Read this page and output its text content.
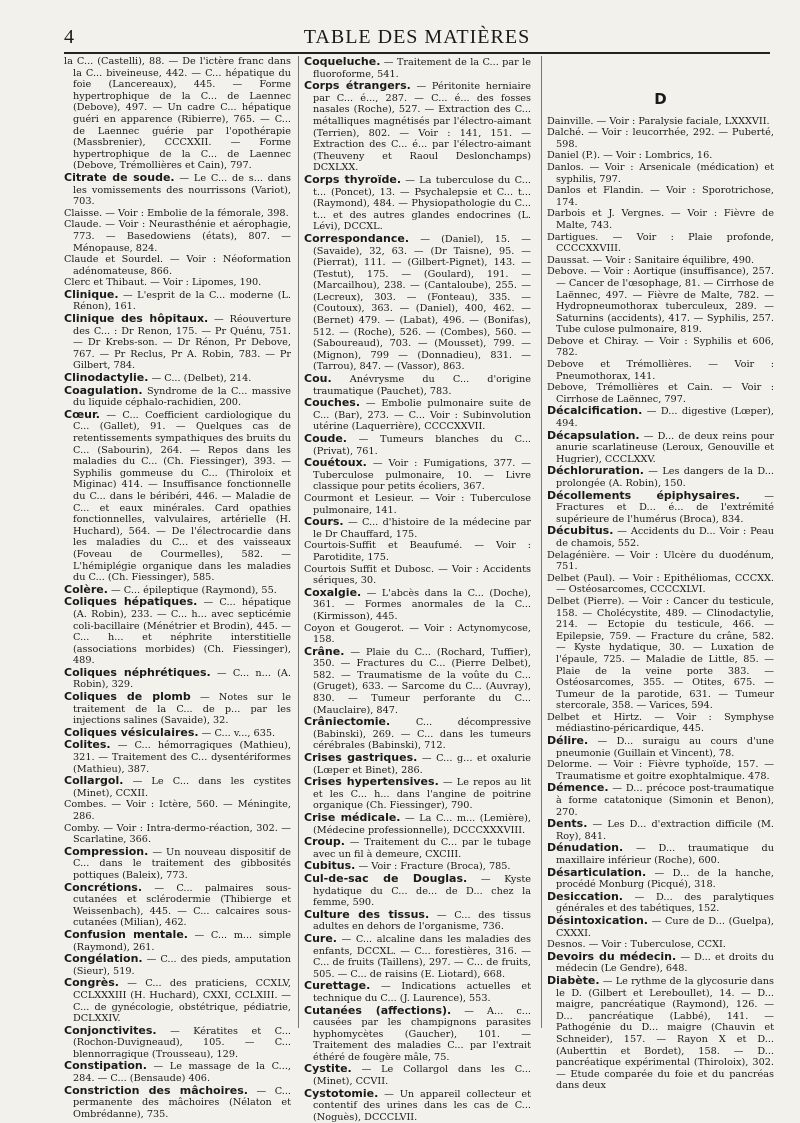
4	TABLE DES MATIÈRES
la C... (Castelli), 88. — De l'ictère franc dans la C... biveineuse, 442. — C... hépatique du foie (Lancereaux), 445. — Forme hypertrophique de la C... de Laennec (Debove), 497. — Un cadre C... hépatique guéri en apparence (Ribierre), 765. — C... de Laennec guérie par l'opothérapie (Massbrenier), CCCXXII. — Forme hypertrophique de la C... de Laennec (Debove, Trémollières et Cain), 797.
Citrate de soude. — Le C... de s... dans les vomissements des nourrissons (Variot), 703.
Claisse. — Voir : Embolie de la fémorale, 398.
Claude. — Voir : Neurasthénie et aérophagie, 773. — Basedowiens (états), 807. — Ménopause, 824.
Claude et Sourdel. — Voir : Néoformation adénomateuse, 866.
Clerc et Thibaut. — Voir : Lipomes, 190.
Clinique. — L'esprit de la C... moderne (L. Rénon), 161.
Clinique des hôpitaux. — Réouverture des C... : Dr Renon, 175. — Pr Quénu, 751. — Dr Krebs-son. — Dr Rénon, Pr Debove, 767. — Pr Reclus, Pr A. Robin, 783. — Pr Gilbert, 784.
Clinodactylie. — C... (Delbet), 214.
Coagulation. Syndrome de la C... massive du liquide céphalo-rachidien, 200.
Cœur. — C... Coefficient cardiologique du C... (Gallet), 91. — Quelques cas de retentissements sympathiques des bruits du C... (Sabourin), 264. — Repos dans les maladies du C... (Ch. Fiessinger), 393. — Syphilis gommeuse du C... (Thiroloix et Miginac) 414. — Insuffisance fonctionnelle du C... dans le béribéri, 446. — Maladie de C... et eaux minérales. Card opathies fonctionnelles, valvulaires, artérielle (H. Huchard), 564. — De l'électrocardie dans les maladies du C... et des vaisseaux (Foveau de Courmelles), 582. — L'hémiplégie organique dans les maladies du C... (Ch. Fiessinger), 585.
Colère. — C... épileptique (Raymond), 55.
Coliques hépatiques. — C... hépatique (A. Robin), 233. — C... h... avec septicémie coli-bacillaire (Ménétrier et Brodin), 445. — C... h... et néphrite interstitielle (associations morbides) (Ch. Fiessinger), 489.
Coliques néphrétiques. — C... n... (A. Robin), 329.
Coliques de plomb — Notes sur le traitement de la C... de p... par les injections salines (Savaide), 32.
Coliques vésiculaires. — C... v..., 635.
Colites. — C... hémorragiques (Mathieu), 321. — Traitement des C... dysentériformes (Mathieu), 387.
Collargol. — Le C... dans les cystites (Minet), CCXII.
Combes. — Voir : Ictère, 560. — Méningite, 286.
Comby. — Voir : Intra-dermo-réaction, 302. — Scarlatine, 366.
Compression. — Un nouveau dispositif de C... dans le traitement des gibbosités pottiques (Baleix), 773.
Concrétions. — C... palmaires sous-cutanées et sclérodermie (Thibierge et Weissenbach), 445. — C... calcaires sous-cutanées (Milian), 462.
Confusion mentale. — C... m... simple (Raymond), 261.
Congélation. — C... des pieds, amputation (Sieur), 519.
Congrès. — C... des praticiens, CCXLV, CCLXXXIII (H. Huchard), CXXI, CCLXIII. — C... de gynécologie, obstétrique, pédiatrie, DCLXXIV.
Conjonctivites. — Kératites et C... (Rochon-Duvigneaud), 105. — C... blennorragique (Trousseau), 129.
Constipation. — Le massage de la C..., 284. — C... (Bensaude) 406.
Constriction des mâchoires. — C... permanente des mâchoires (Nélaton et Ombrédanne), 735.
Coqueluche. — Traitement de la C... par le fluoroforme, 541.
Corps étrangers. — Péritonite herniaire par C... é..., 287. — C... é... des fosses nasales (Roche), 527. — Extraction des C... métalliques magnétisés par l'électro-aimant (Terrien), 802. — Voir : 141, 151. — Extraction des C... é... par l'électro-aimant (Theuveny et Raoul Deslonchamps) DCXLXX.
Corps thyroïde. — La tuberculose du C... t... (Poncet), 13. — Psychalepsie et C... t... (Raymond), 484. — Physiopathologie du C... t... et des autres glandes endocrines (L. Lévi), DCCXL.
Correspondance. — (Daniel), 15. — (Savaide), 32, 63. — (Dr Taisne), 95. — (Pierrat), 111. — (Gilbert-Pignet), 143. — (Testut), 175. — (Goulard), 191. — (Marcailhou), 238. — (Cantaloube), 255. — (Lecreux), 303. — (Fonteau), 335. — (Coutoux), 363. — (Daniel), 400, 462. — (Bernet) 479. — (Labat), 496. — (Bonifas), 512. — (Roche), 526. — (Combes), 560. — (Saboureaud), 703. — (Mousset), 799. — (Mignon), 799 — (Donnadieu), 831. — (Tarrou), 847. — (Vassor), 863.
Cou. Anévrysme du C... d'origine traumatique (Pauchet), 783.
Couches. — Embolie pulmonaire suite de C... (Bar), 273. — C... Voir : Subinvolution utérine (Laquerrière), CCCCXXVII.
Coude. — Tumeurs blanches du C... (Privat), 761.
Couétoux. — Voir : Fumigations, 377. — Tuberculose pulmonaire, 10. — Livre classique pour petits écoliers, 367.
Courmont et Lesieur. — Voir : Tuberculose pulmonaire, 141.
Cours. — C... d'histoire de la médecine par le Dr Chauffard, 175.
Courtois-Suffit et Beaufumé. — Voir : Parotidite, 175.
Courtois Suffit et Dubosc. — Voir : Accidents sériques, 30.
Coxalgie. — L'abcès dans la C... (Doche), 361. — Formes anormales de la C... (Kirmisson), 445.
Coyon et Gougerot. — Voir : Actynomycose, 158.
Crâne. — Plaie du C... (Rochard, Tuffier), 350. — Fractures du C... (Pierre Delbet), 582. — Traumatisme de la voûte du C... (Gruget), 633. — Sarcome du C... (Auvray), 830. — Tumeur perforante du C... (Mauclaire), 847.
Crâniectomie. C... décompressive (Babinski), 269. — C... dans les tumeurs cérébrales (Babinski), 712.
Crises gastriques. — C... g... et oxalurie (Lœper et Binet), 286.
Crises hypertensives. — Le repos au lit et les C... h... dans l'angine de poitrine organique (Ch. Fiessinger), 790.
Crise médicale. — La C... m... (Lemière), (Médecine professionnelle), DCCCXXXVIII.
Croup. — Traitement du C... par le tubage avec un fil à demeure, CXCIII.
Cubitus. — Voir : Fracture (Broca), 785.
Cul-de-sac de Douglas. — Kyste hydatique du C... de... de D... chez la femme, 590.
Culture des tissus. — C... des tissus adultes en dehors de l'organisme, 736.
Cure. — C... alcaline dans les maladies des enfants, DCCXL. — C... forestières, 316. — C... de fruits (Taillens), 297. — C... de fruits, 505. — C... de raisins (E. Liotard), 668.
Curettage. — Indications actuelles et technique du C... (J. Laurence), 553.
Cutanées (affections). — A... c... causées par les champignons parasites hyphomycètes (Gaucher), 101. — Traitement des maladies C... par l'extrait éthéré de fougère mâle, 75.
Cystite. — Le Collargol dans les C... (Minet), CCVII.
Cystotomie. — Un appareil collecteur et contentif des urines dans les cas de C... (Noguès), DCCCLVII.
D
Dainville. — Voir : Paralysie faciale, LXXXVII.
Dalché. — Voir : leucorrhée, 292. — Puberté, 598.
Daniel (P.). — Voir : Lombrics, 16.
Danlos. — Voir : Arsenicale (médication) et syphilis, 797.
Danlos et Flandin. — Voir : Sporotrichose, 174.
Darbois et J. Vergnes. — Voir : Fièvre de Malte, 743.
Dartigues. — Voir : Plaie profonde, CCCCXXVIII.
Daussat. — Voir : Sanitaire équilibre, 490.
Debove. — Voir : Aortique (insuffisance), 257. — Cancer de l'œsophage, 81. — Cirrhose de Laënnec, 497. — Fièvre de Malte, 782. — Hydropneumothorax tuberculeux, 289. — Saturnins (accidents), 417. — Syphilis, 257. Tube culose pulmonaire, 819.
Debove et Chiray. — Voir : Syphilis et 606, 782.
Debove et Trémollières. — Voir : Pneumothorax, 141.
Debove, Trémollières et Cain. — Voir : Cirrhose de Laënnec, 797.
Décalcification. — D... digestive (Lœper), 494.
Décapsulation. — D... de deux reins pour anurie scarlatineuse (Leroux, Genouville et Hugrier), CCCLXXV.
Déchloruration. — Les dangers de la D... prolongée (A. Robin), 150.
Décollements épiphysaires. — Fractures et D... é... de l'extrémité supérieure de l'humérus (Broca), 834.
Décubitus. — Accidents du D... Voir : Peau de chamois, 552.
Delagénière. — Voir : Ulcère du duodénum, 751.
Delbet (Paul). — Voir : Epithéliomas, CCCXX. — Ostéosarcomes, CCCCXLVI.
Delbet (Pierre). — Voir : Cancer du testicule, 158. — Cholécystite, 489. — Clinodactylie, 214. — Ectopie du testicule, 466. — Epilepsie, 759. — Fracture du crâne, 582. — Kyste hydatique, 30. — Luxation de l'épaule, 725. — Maladie de Little, 85. — Plaie de la veine porte 383. — Ostéosarcomes, 355. — Otites, 675. — Tumeur de la parotide, 631. — Tumeur stercorale, 358. — Varices, 594.
Delbet et Hirtz. — Voir : Symphyse médiastino-péricardique, 445.
Délire. — D... suraigu au cours d'une pneumonie (Guillain et Vincent), 78.
Delorme. — Voir : Fièvre typhoïde, 157. — Traumatisme et goitre exophtalmique. 478.
Démence. — D... précoce post-traumatique à forme catatonique (Simonin et Benon), 270.
Dents. — Les D... d'extraction difficile (M. Roy), 841.
Dénudation. — D... traumatique du maxillaire inférieur (Roche), 600.
Désarticulation. — D... de la hanche, procédé Monburg (Picqué), 318.
Desiccation. — D... des paralytiques générales et des tabétiques, 152.
Désintoxication. — Cure de D... (Guelpa), CXXXI.
Desnos. — Voir : Tuberculose, CCXI.
Devoirs du médecin. — D... et droits du médecin (Le Gendre), 648.
Diabète. — Le rythme de la glycosurie dans le D. (Gilbert et Lereboullet), 14. — D... maigre, pancréatique (Raymond), 126. — D... pancréatique (Labbé), 141. — Pathogénie du D... maigre (Chauvin et Schneider), 157. — Rayon X et D... (Auberttin et Bordet), 158. — D... pancréatique expérimental (Thiroloix), 302. — Etude comparée du foie et du pancréas dans deux
